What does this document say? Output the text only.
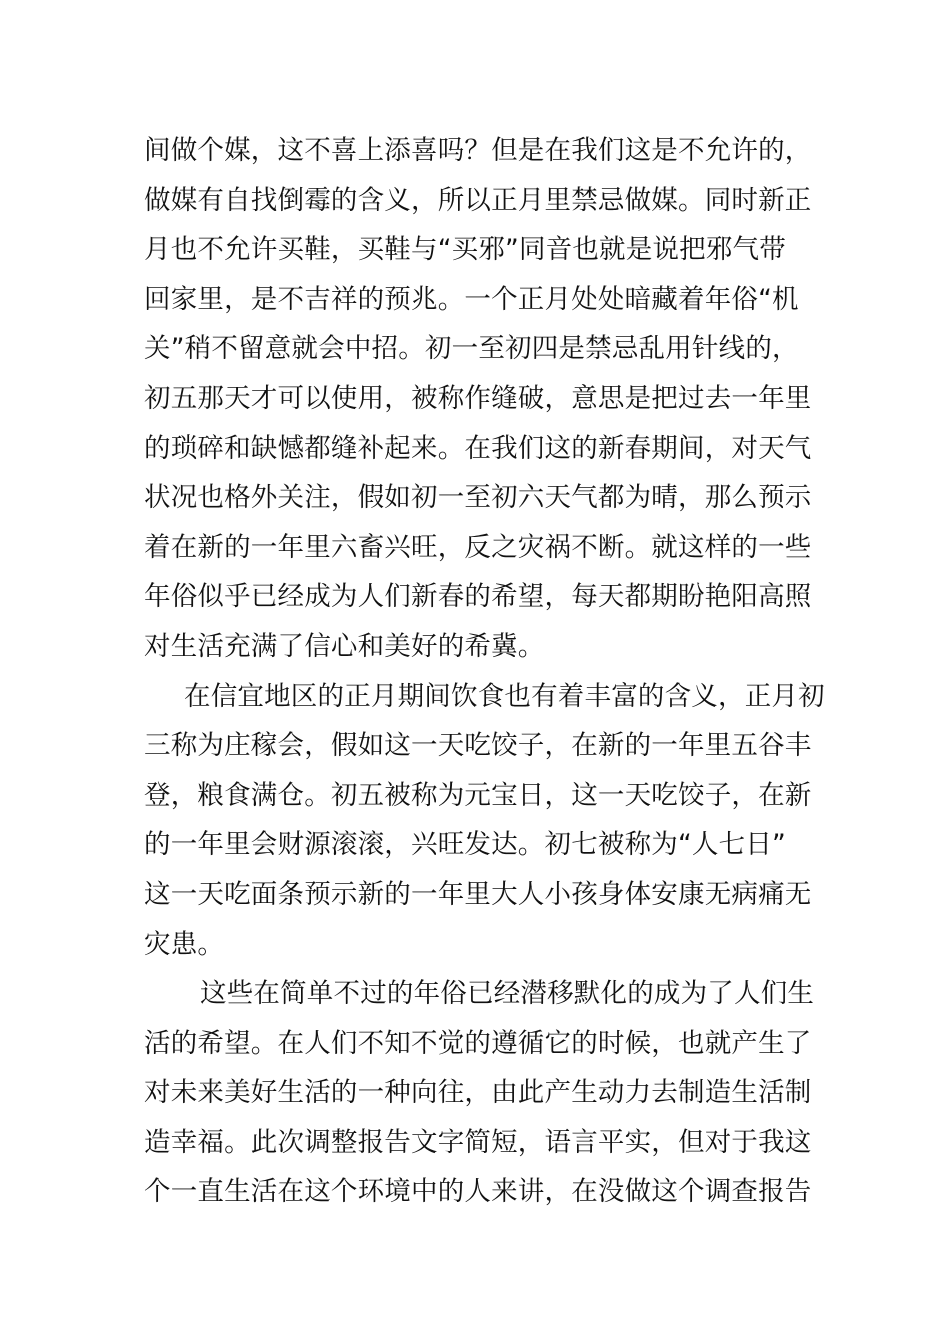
间做个媒，这不喜上添喜吗？但是在我们这是不允许的，
做媒有自找倒霉的含义，所以正月里禁忌做媒。同时新正
月也不允许买鞋，买鞋与“买邪”同音也就是说把邪气带
回家里，是不吉祥的预兆。一个正月处处暗藏着年俗“机
关”稍不留意就会中招。初一至初四是禁忌乱用针线的，
初五那天才可以使用，被称作缝破，意思是把过去一年里
的琐碎和缺憾都缝补起来。在我们这的新春期间，对天气
状况也格外关注，假如初一至初六天气都为晴，那么预示
着在新的一年里六畜兴旺，反之灾祸不断。就这样的一些
年俗似乎已经成为人们新春的希望，每天都期盼艳阳高照
对生活充满了信心和美好的希冀。
在信宜地区的正月期间饮食也有着丰富的含义，正月初
三称为庄稼会，假如这一天吃饺子，在新的一年里五谷丰
登，粮食满仓。初五被称为元宝日，这一天吃饺子，在新
的一年里会财源滚滚，兴旺发达。初七被称为“人七日”
这一天吃面条预示新的一年里大人小孩身体安康无病痛无
灾患。
这些在简单不过的年俗已经潜移默化的成为了人们生
活的希望。在人们不知不觉的遵循它的时候，也就产生了
对未来美好生活的一种向往，由此产生动力去制造生活制
造幸福。此次调整报告文字简短，语言平实，但对于我这
个一直生活在这个环境中的人来讲，在没做这个调查报告
